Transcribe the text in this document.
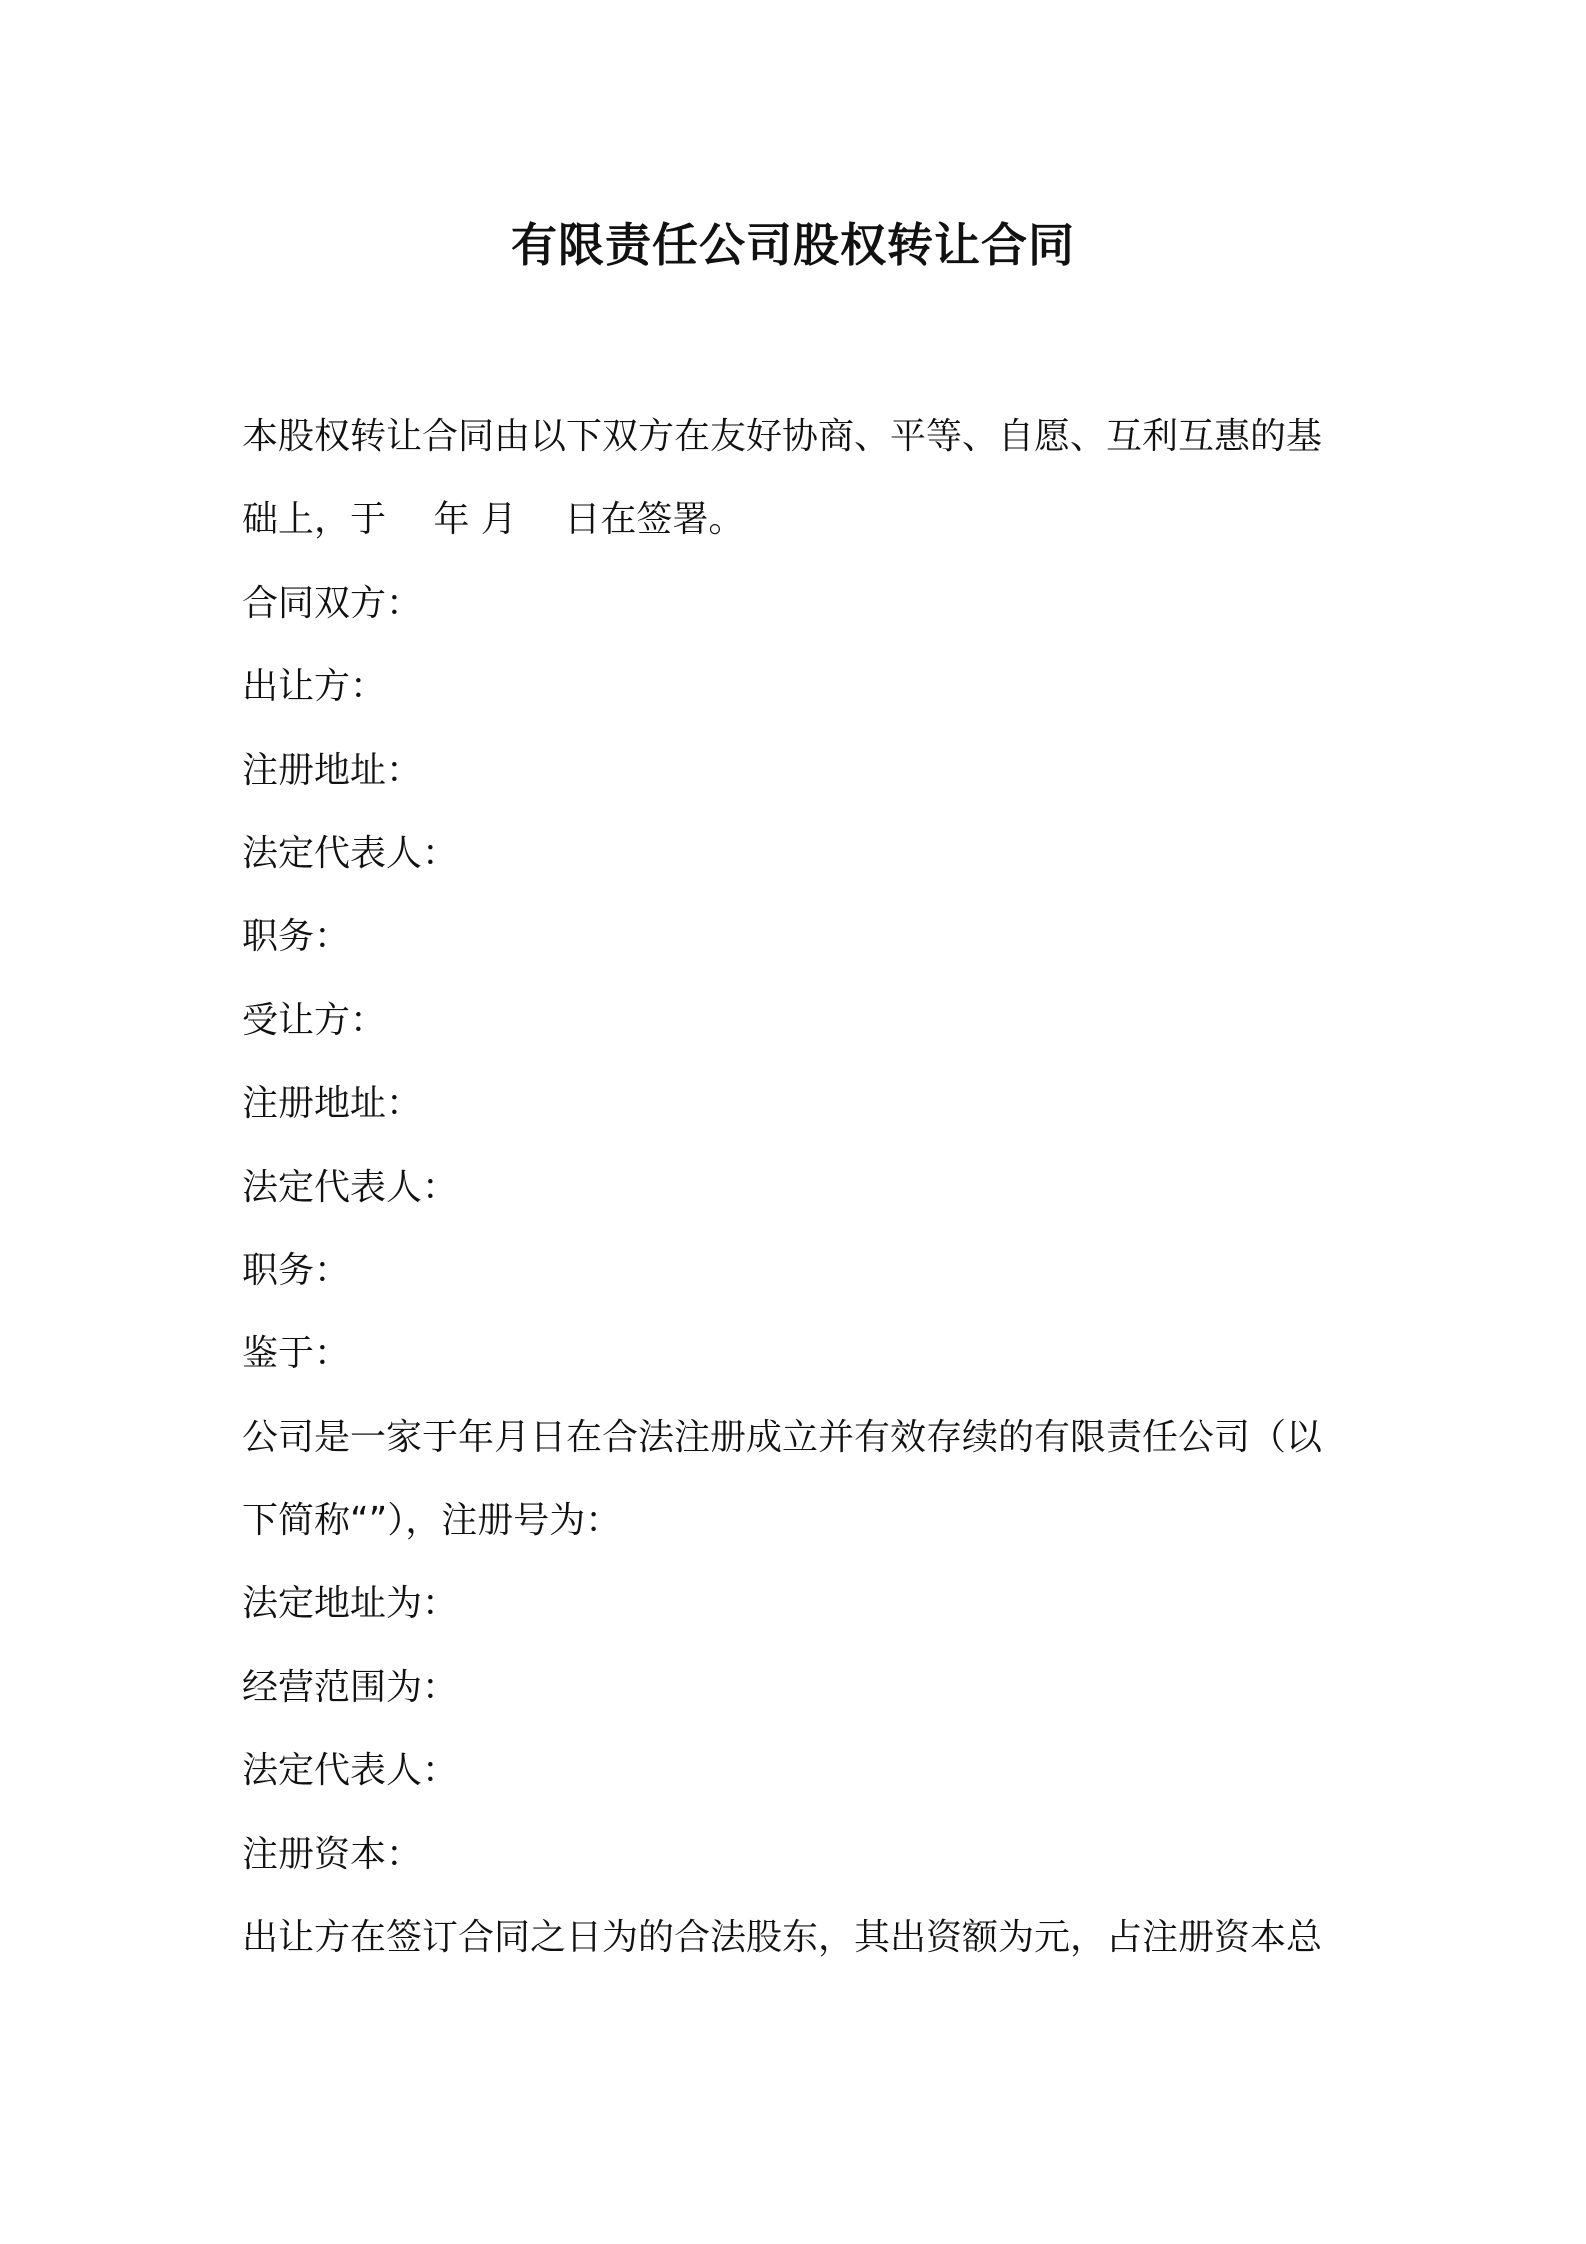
有限责任公司股权转让合同
本股权转让合同由以下双方在友好协商、平等、自愿、互利互惠的基
础上，于　 年 月　 日在签署。
合同双方：
出让方：
注册地址：
法定代表人：
职务：
受让方：
注册地址：
法定代表人：
职务：
鉴于：
公司是一家于年月日在合法注册成立并有效存续的有限责任公司（以
下简称“”），注册号为：
法定地址为：
经营范围为：
法定代表人：
注册资本：
出让方在签订合同之日为的合法股东，其出资额为元，占注册资本总
